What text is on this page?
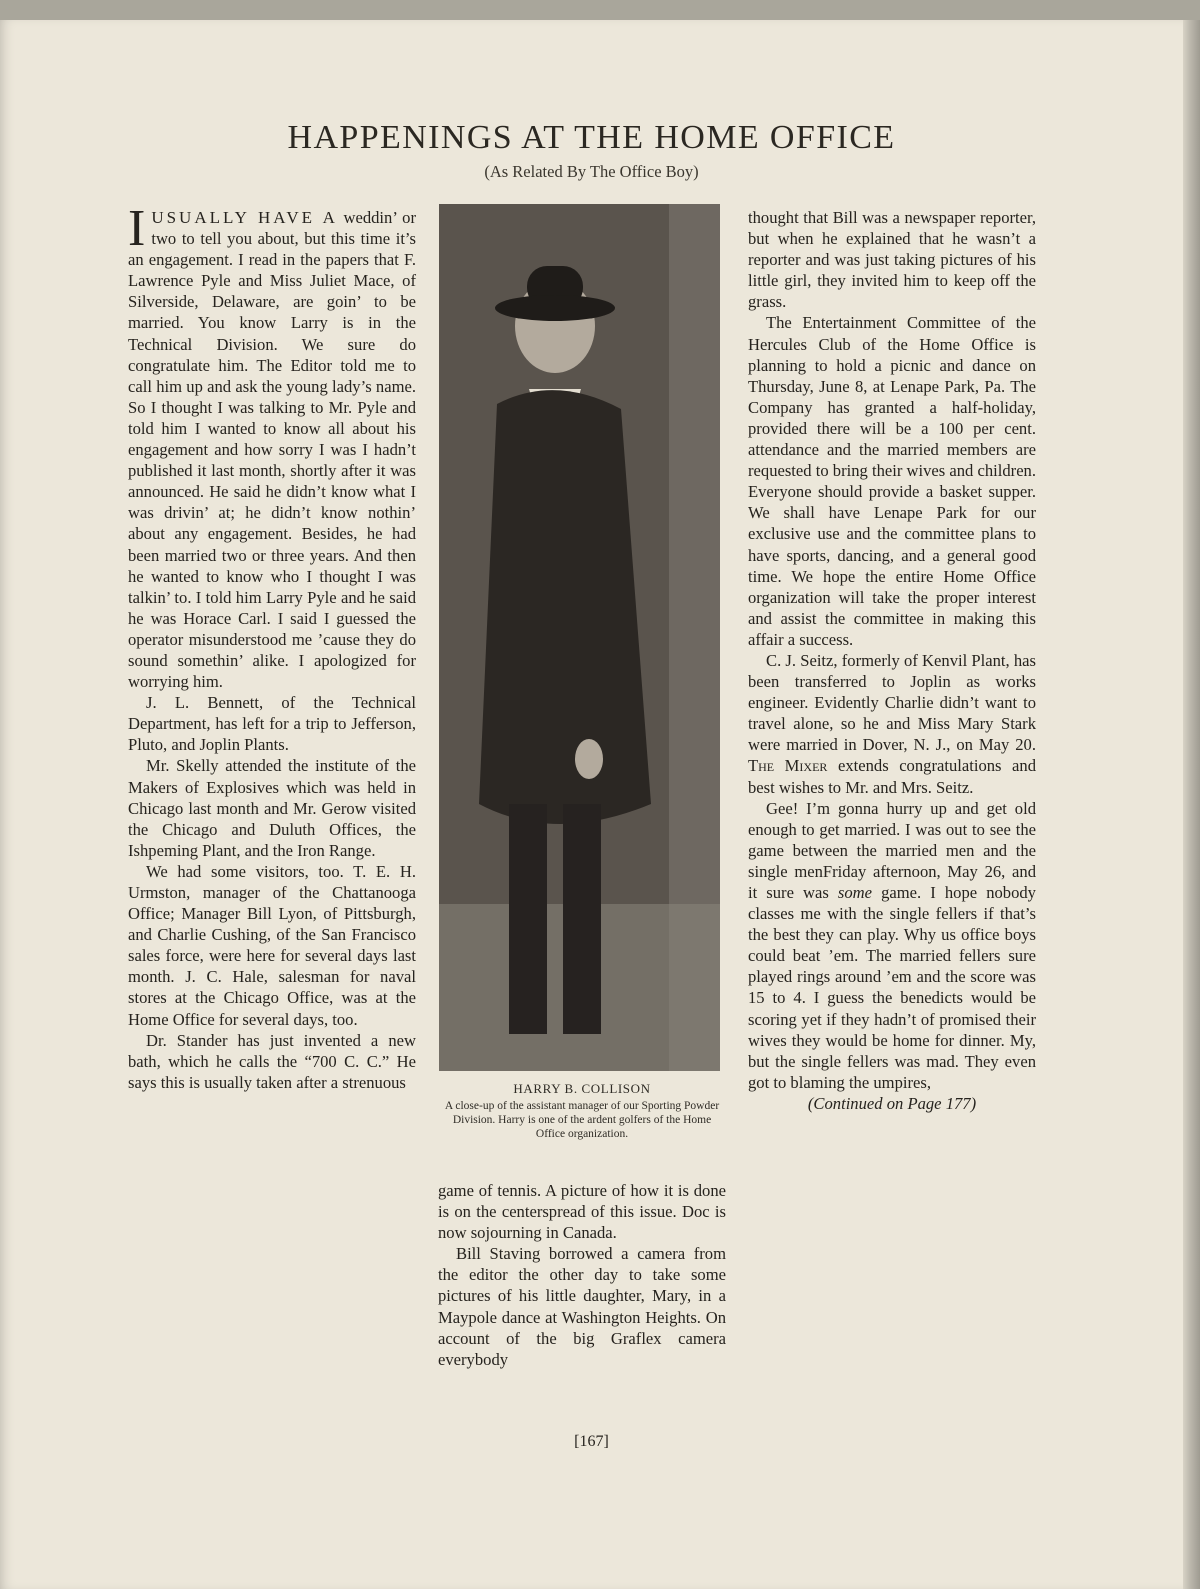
HAPPENINGS AT THE HOME OFFICE
(As Related By The Office Boy)

IUSUALLY HAVE A weddin’ or two to tell you about, but this time it’s an engagement. I read in the papers that F. Lawrence Pyle and Miss Juliet Mace, of Silverside, Delaware, are goin’ to be married. You know Larry is in the Technical Division. We sure do congratulate him. The Editor told me to call him up and ask the young lady’s name. So I thought I was talking to Mr. Pyle and told him I wanted to know all about his engagement and how sorry I was I hadn’t published it last month, shortly after it was announced. He said he didn’t know what I was drivin’ at; he didn’t know nothin’ about any engagement. Besides, he had been married two or three years. And then he wanted to know who I thought I was talkin’ to. I told him Larry Pyle and he said he was Horace Carl. I said I guessed the operator misunderstood me ’cause they do sound somethin’ alike. I apologized for worrying him.

J. L. Bennett, of the Technical Department, has left for a trip to Jefferson, Pluto, and Joplin Plants.

Mr. Skelly attended the institute of the Makers of Explosives which was held in Chicago last month and Mr. Gerow visited the Chicago and Duluth Offices, the Ishpeming Plant, and the Iron Range.

We had some visitors, too. T. E. H. Urmston, manager of the Chattanooga Office; Manager Bill Lyon, of Pittsburgh, and Charlie Cushing, of the San Francisco sales force, were here for several days last month. J. C. Hale, salesman for naval stores at the Chicago Office, was at the Home Office for several days, too.

Dr. Stander has just invented a new bath, which he calls the “700 C. C.” He says this is usually taken after a strenuous	HARRY B. COLLISON
A close-up of the assistant manager of our Sporting Powder Division. Harry is one of the ardent golfers of the Home Office organization.

game of tennis. A picture of how it is done is on the centerspread of this issue. Doc is now sojourning in Canada.

Bill Staving borrowed a camera from the editor the other day to take some pictures of his little daughter, Mary, in a Maypole dance at Washington Heights. On account of the big Graflex camera everybody

thought that Bill was a newspaper reporter, but when he explained that he wasn’t a reporter and was just taking pictures of his little girl, they invited him to keep off the grass.

The Entertainment Committee of the Hercules Club of the Home Office is planning to hold a picnic and dance on Thursday, June 8, at Lenape Park, Pa. The Company has granted a half-holiday, provided there will be a 100 per cent. attendance and the married members are requested to bring their wives and children. Everyone should provide a basket supper. We shall have Lenape Park for our exclusive use and the committee plans to have sports, dancing, and a general good time. We hope the entire Home Office organization will take the proper interest and assist the committee in making this affair a success.

C. J. Seitz, formerly of Kenvil Plant, has been transferred to Joplin as works engineer. Evidently Charlie didn’t want to travel alone, so he and Miss Mary Stark were married in Dover, N. J., on May 20. The Mixer extends congratulations and best wishes to Mr. and Mrs. Seitz.

Gee! I’m gonna hurry up and get old enough to get married. I was out to see the game between the married men and the single menFriday afternoon, May 26, and it sure was some game. I hope nobody classes me with the single fellers if that’s the best they can play. Why us office boys could beat ’em. The married fellers sure played rings around ’em and the score was 15 to 4. I guess the benedicts would be scoring yet if they hadn’t of promised their wives they would be home for dinner. My, but the single fellers was mad. They even got to blaming the umpires,

(Continued on Page 177)

[167]
